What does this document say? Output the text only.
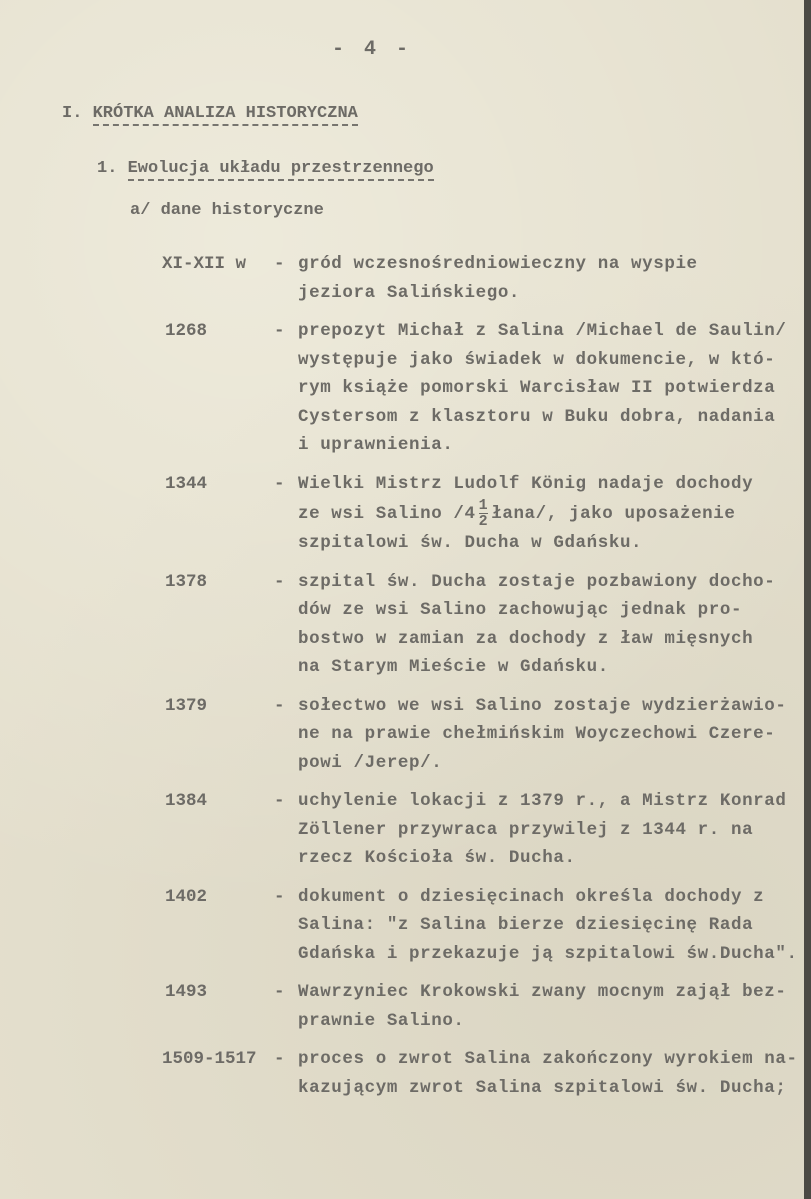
- 4 -
I. KRÓTKA ANALIZA HISTORYCZNA
1. Ewolucja układu przestrzennego
a/ dane historyczne
XI-XII w	- gród wczesnośredniowieczny na wyspie
jeziora Salińskiego.
1268	- prepozyt Michał z Salina /Michael de Saulin/
występuje jako świadek w dokumencie, w któ-
rym książe pomorski Warcisław II potwierdza
Cystersom z klasztoru w Buku dobra, nadania
i uprawnienia.
1344	- Wielki Mistrz Ludolf König nadaje dochody
ze wsi Salino $/4 \frac{1}{2}$ łana/, jako uposażenie
szpitalowi św. Ducha w Gdańsku.
1378	- szpital św. Ducha zostaje pozbawiony docho-
dów ze wsi Salino zachowując jednak pro-
bostwo w zamian za dochody z ław mięsnych
na Starym Mieście w Gdańsku.
1379	- sołectwo we wsi Salino zostaje wydzierżawio-
ne na prawie chełmińskim Woyczechowi Czere-
powi /Jerep/.
1384	- uchylenie lokacji z 1379 r., a Mistrz Konrad
Zöllener przywraca przywilej z 1344 r. na
rzecz Kościoła św. Ducha.
1402	- dokument o dziesięcinach określa dochody z
Salina: "z Salina bierze dziesięcinę Rada
Gdańska i przekazuje ją szpitalowi św.Ducha".
1493	- Wawrzyniec Krokowski zwany mocnym zajął bez-
prawnie Salino.
1509-1517 - proces o zwrot Salina zakończony wyrokiem na-
kazującym zwrot Salina szpitalowi św. Ducha;
